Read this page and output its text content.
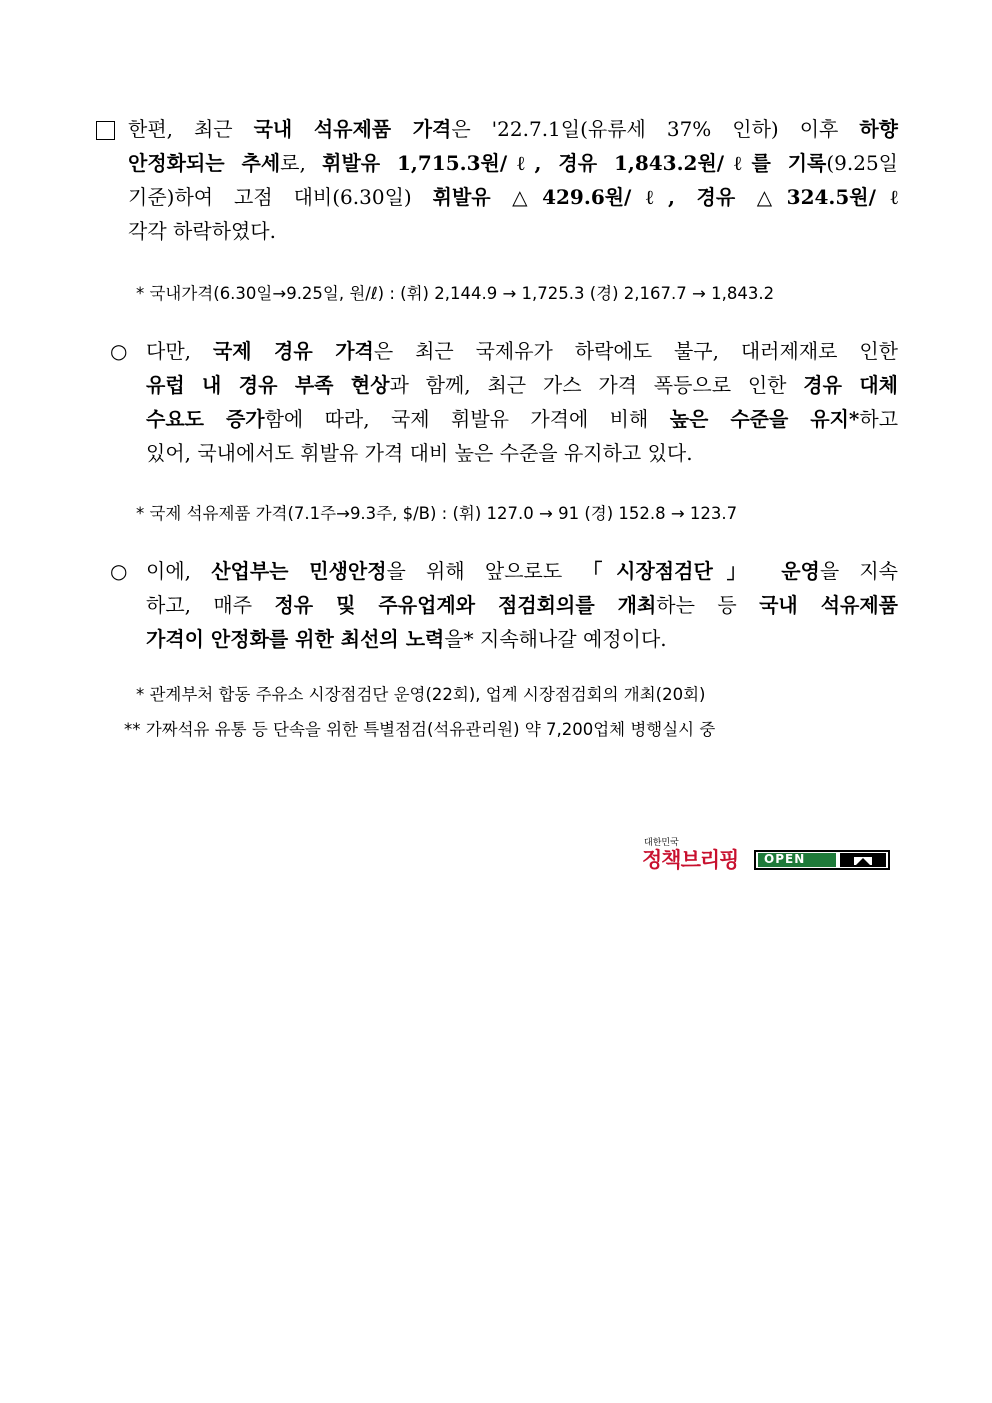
한편, 최근 국내 석유제품 가격은 '22.7.1일(유류세 37% 인하) 이후 하향

안정화되는 추세로, 휘발유 1,715.3원/ℓ, 경유 1,843.2원/ℓ를 기록(9.25일

기준)하여 고점 대비(6.30일) 휘발유 △429.6원/ℓ, 경유 △324.5원/ℓ

각각 하락하였다.

* 국내가격(6.30일→9.25일, 원/ℓ) : (휘) 2,144.9 → 1,725.3 (경) 2,167.7 → 1,843.2
○ 다만, 국제 경유 가격은 최근 국제유가 하락에도 불구, 대러제재로 인한

유럽 내 경유 부족 현상과 함께, 최근 가스 가격 폭등으로 인한 경유 대체

수요도 증가함에 따라, 국제 휘발유 가격에 비해 높은 수준을 유지*하고

있어, 국내에서도 휘발유 가격 대비 높은 수준을 유지하고 있다.

* 국제 석유제품 가격(7.1주→9.3주, $/B) : (휘) 127.0 → 91 (경) 152.8 → 123.7
○ 이에, 산업부는 민생안정을 위해 앞으로도 「시장점검단」 운영을 지속

하고, 매주 정유 및 주유업계와 점검회의를 개최하는 등 국내 석유제품

가격이 안정화를 위한 최선의 노력을* 지속해나갈 예정이다.

* 관계부처 합동 주유소 시장점검단 운영(22회), 업계 시장점검회의 개최(20회)
** 가짜석유 유통 등 단속을 위한 특별점검(석유관리원) 약 7,200업체 병행실시 중
대한민국
정책브리핑 OPEN
